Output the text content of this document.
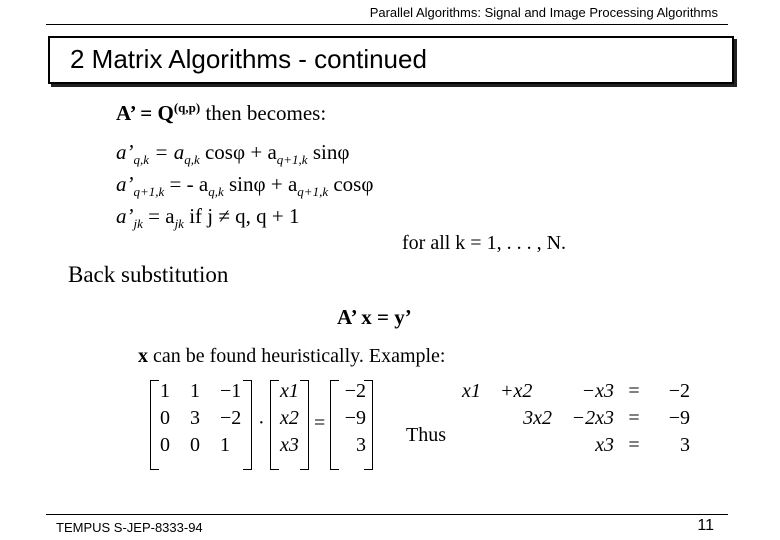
Parallel Algorithms: Signal and Image Processing Algorithms
2 Matrix Algorithms - continued
A’ = Q$^{(q,p)}$ then becomes:
$a’_{q,k} = a_{q,k}$ $\cos\varphi + a_{q+1,k}$ sinφ
$a’_{q+1,k}$ = - $a_{q,k}$ $\sin\varphi + a_{q+1,k}$ cosφ
$a’_{jk} = a_{jk}$ if j ≠ q, q + 1
for all k = 1, . . . , N.
Back substitution
A’ x = y’
x can be found heuristically. Example:
1	1	−1
0	3	−2
0	0	1
·
x1
x2
x3
=
−2
−9
3 Thus
x1 +x2	−x3 =	−2
3x2 −2x3 =	−9
x3 =	3
TEMPUS S-JEP-8333-94	11
